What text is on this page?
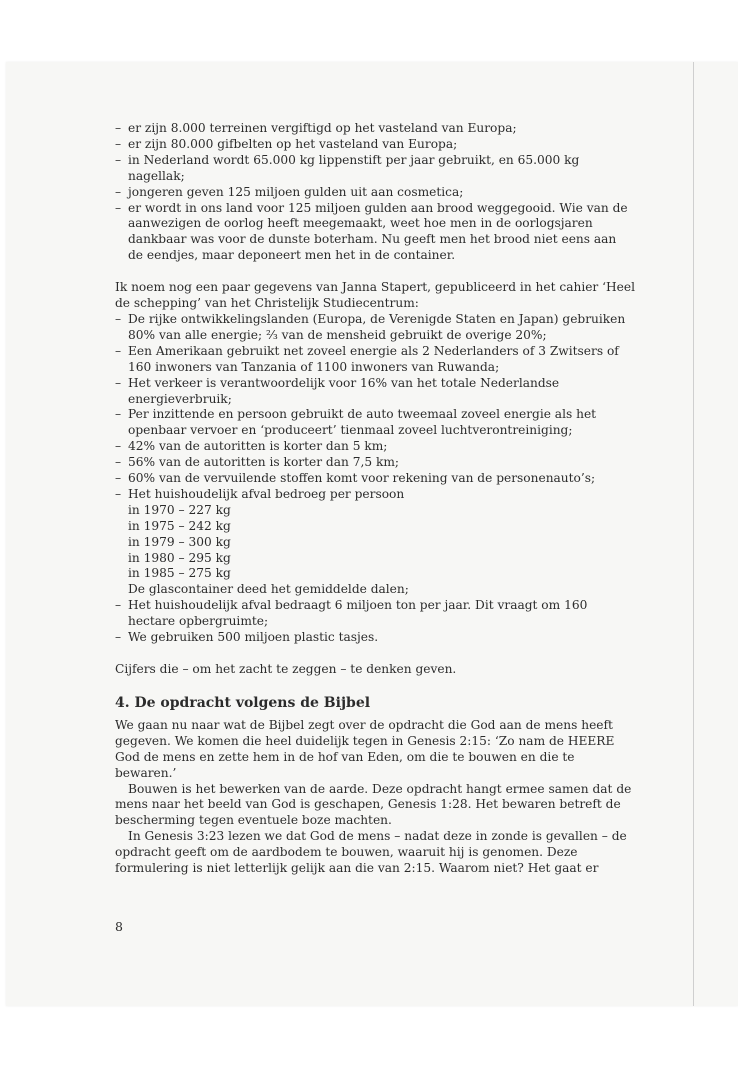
– er zijn 8.000 terreinen vergiftigd op het vasteland van Europa;

– er zijn 80.000 gifbelten op het vasteland van Europa;

– in Nederland wordt 65.000 kg lippenstift per jaar gebruikt, en 65.000 kg nagellak;

– jongeren geven 125 miljoen gulden uit aan cosmetica;

– er wordt in ons land voor 125 miljoen gulden aan brood weggegooid. Wie van de aanwezigen de oorlog heeft meegemaakt, weet hoe men in de oorlogsjaren dankbaar was voor de dunste boterham. Nu geeft men het brood niet eens aan de eendjes, maar deponeert men het in de container.

Ik noem nog een paar gegevens van Janna Stapert, gepubliceerd in het cahier ‘Heel de schepping’ van het Christelijk Studiecentrum:

– De rijke ontwikkelingslanden (Europa, de Verenigde Staten en Japan) gebruiken 80% van alle energie; ⅔ van de mensheid gebruikt de overige 20%;

– Een Amerikaan gebruikt net zoveel energie als 2 Nederlanders of 3 Zwitsers of 160 inwoners van Tanzania of 1100 inwoners van Ruwanda;

– Het verkeer is verantwoordelijk voor 16% van het totale Nederlandse energieverbruik;

– Per inzittende en persoon gebruikt de auto tweemaal zoveel energie als het openbaar vervoer en ‘produceert’ tienmaal zoveel luchtverontreiniging;

– 42% van de autoritten is korter dan 5 km;

– 56% van de autoritten is korter dan 7,5 km;

– 60% van de vervuilende stoffen komt voor rekening van de personenauto’s;

– Het huishoudelijk afval bedroeg per persoon

in 1970 – 227 kg

in 1975 – 242 kg

in 1979 – 300 kg

in 1980 – 295 kg

in 1985 – 275 kg

De glascontainer deed het gemiddelde dalen;

– Het huishoudelijk afval bedraagt 6 miljoen ton per jaar. Dit vraagt om 160 hectare opbergruimte;

– We gebruiken 500 miljoen plastic tasjes.

Cijfers die – om het zacht te zeggen – te denken geven.

4. De opdracht volgens de Bijbel

We gaan nu naar wat de Bijbel zegt over de opdracht die God aan de mens heeft gegeven. We komen die heel duidelijk tegen in Genesis 2:15: ‘Zo nam de HEERE God de mens en zette hem in de hof van Eden, om die te bouwen en die te bewaren.’

Bouwen is het bewerken van de aarde. Deze opdracht hangt ermee samen dat de mens naar het beeld van God is geschapen, Genesis 1:28. Het bewaren betreft de bescherming tegen eventuele boze machten.

In Genesis 3:23 lezen we dat God de mens – nadat deze in zonde is gevallen – de opdracht geeft om de aardbodem te bouwen, waaruit hij is genomen. Deze formulering is niet letterlijk gelijk aan die van 2:15. Waarom niet? Het gaat er

8
